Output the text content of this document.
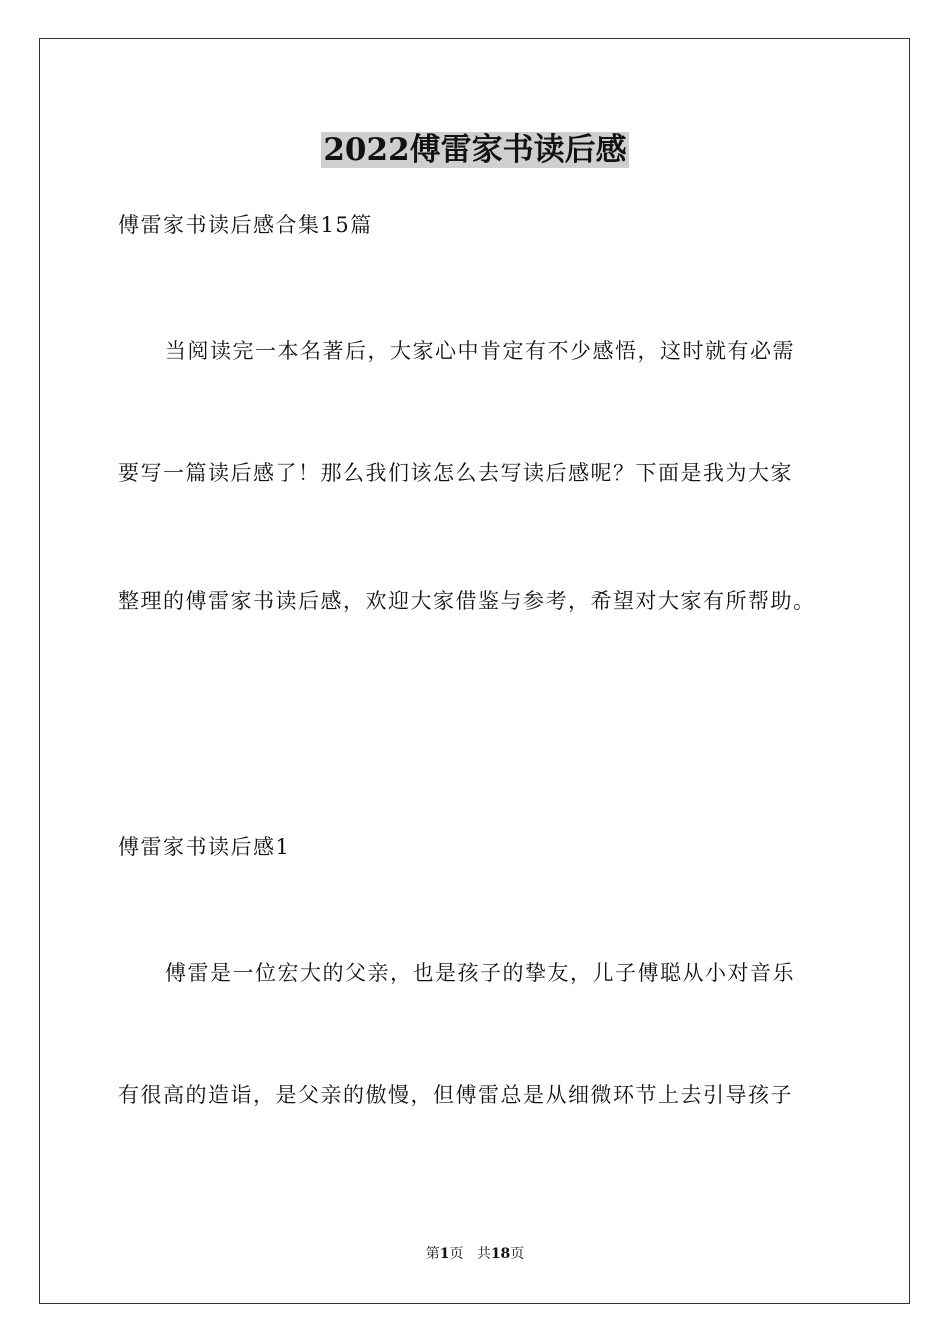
2022傅雷家书读后感
傅雷家书读后感合集15篇
当阅读完一本名著后，大家心中肯定有不少感悟，这时就有必需
要写一篇读后感了！那么我们该怎么去写读后感呢？下面是我为大家
整理的傅雷家书读后感，欢迎大家借鉴与参考，希望对大家有所帮助。
傅雷家书读后感1
傅雷是一位宏大的父亲，也是孩子的挚友，儿子傅聪从小对音乐
有很高的造诣，是父亲的傲慢，但傅雷总是从细微环节上去引导孩子
第1页 共18页
